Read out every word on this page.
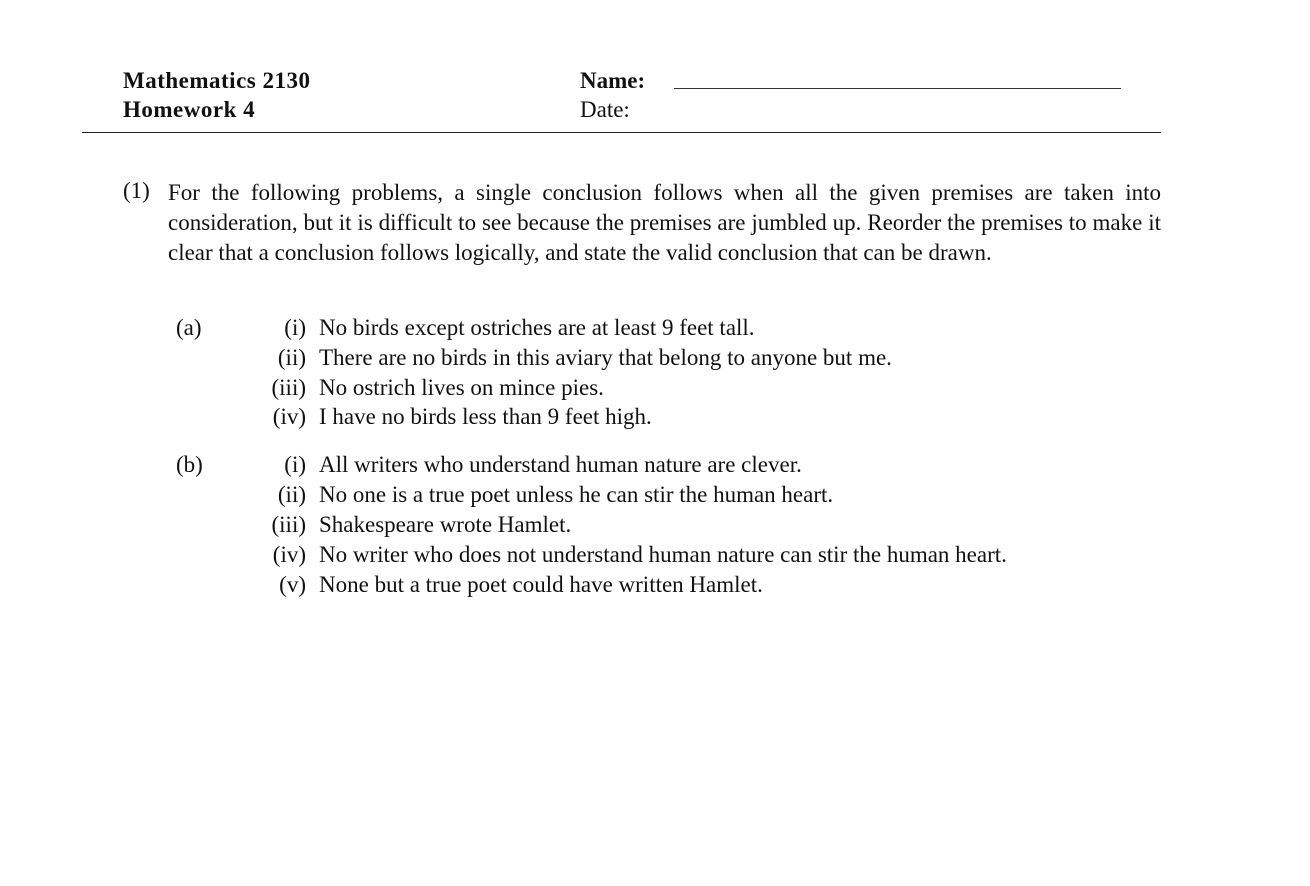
Mathematics 2130
Homework 4
Name:
Date:
(1) For the following problems, a single conclusion follows when all the given premises are taken into consideration, but it is difficult to see because the premises are jumbled up. Reorder the premises to make it clear that a conclusion follows logically, and state the valid conclusion that can be drawn.
(a)	(i) No birds except ostriches are at least 9 feet tall.
(ii) There are no birds in this aviary that belong to anyone but me.
(iii) No ostrich lives on mince pies.
(iv) I have no birds less than 9 feet high.
(b)	(i) All writers who understand human nature are clever.
(ii) No one is a true poet unless he can stir the human heart.
(iii) Shakespeare wrote Hamlet.
(iv) No writer who does not understand human nature can stir the human heart.
(v) None but a true poet could have written Hamlet.
